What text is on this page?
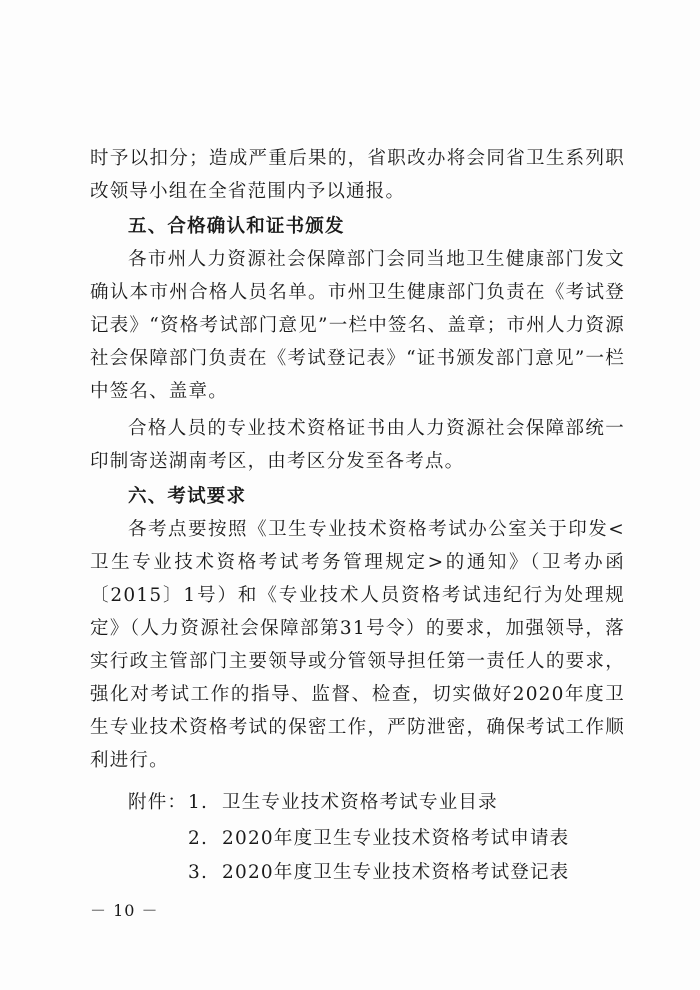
时予以扣分；造成严重后果的，省职改办将会同省卫生系列职改领导小组在全省范围内予以通报。

五、合格确认和证书颁发

各市州人力资源社会保障部门会同当地卫生健康部门发文确认本市州合格人员名单。市州卫生健康部门负责在《考试登记表》“资格考试部门意见”一栏中签名、盖章；市州人力资源社会保障部门负责在《考试登记表》“证书颁发部门意见”一栏中签名、盖章。

合格人员的专业技术资格证书由人力资源社会保障部统一印制寄送湖南考区，由考区分发至各考点。

六、考试要求

各考点要按照《卫生专业技术资格考试办公室关于印发<卫生专业技术资格考试考务管理规定>的通知》（卫考办函〔2015〕1号）和《专业技术人员资格考试违纪行为处理规定》（人力资源社会保障部第31号令）的要求，加强领导，落实行政主管部门主要领导或分管领导担任第一责任人的要求，强化对考试工作的指导、监督、检查，切实做好2020年度卫生专业技术资格考试的保密工作，严防泄密，确保考试工作顺利进行。

附件： 1. 卫生专业技术资格考试专业目录
2. 2020年度卫生专业技术资格考试申请表
3. 2020年度卫生专业技术资格考试登记表
－ 10 －
